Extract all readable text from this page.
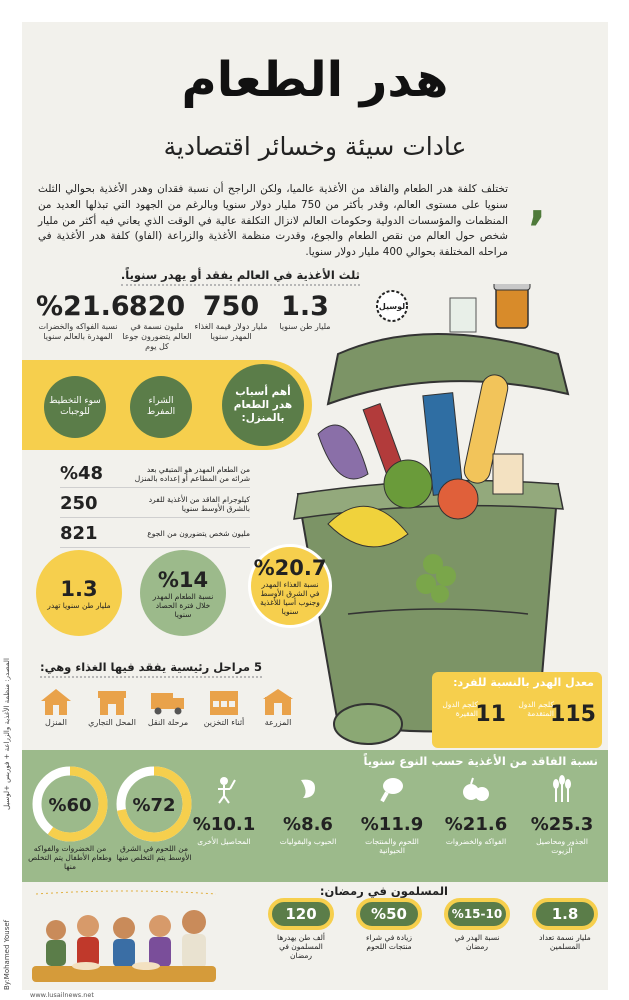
هدر الطعام
عادات سيئة وخسائر اقتصادية
,

تختلف كلفة هدر الطعام والفاقد من الأغذية عالميا، ولكن الراجح أن نسبة فقدان وهدر الأغذية بحوالي الثلث سنويا على مستوى العالم، وقدر بأكثر من 750 مليار دولار سنويا وبالرغم من الجهود التي تبذلها العديد من المنظمات والمؤسسات الدولية وحكومات العالم لانزال التكلفة عالية في الوقت الذي يعاني فيه أكثر من مليار شخص حول العالم من نقص الطعام والجوع، وقدرت منظمة الأغذية والزراعة (الفاو) كلفة هدر الأغذية في مراحله المختلفة بحوالي 400 مليار دولار سنويا.

ثلث الأغذية في العالم يفقد أو يهدر سنوياً.
1.3
مليار طن سنويا
750
مليار دولار قيمة الغذاء المهدر سنويا
820
مليون نسمة في العالم يتضورون جوعا كل يوم
%21.6
نسبة الفواكه والخضرات المهدرة بالعالم سنويا
لوسيل
أهم أسباب هدر الطعام بالمنزل:
الشراء المفرط
سوء التخطيط للوجبات
%48	من الطعام المهدر هو المتبقي بعد شرائه من المطاعم أو إعداده بالمنزل
250	كيلوجرام الفاقد من الأغذية للفرد بالشرق الأوسط سنويا
821	مليون شخص يتضورون من الجوع
%20.7
نسبة الغذاء المهدر في الشرق الأوسط وجنوب أسيا للأغذية سنويا
%14
نسبة الطعام المهدر خلال فترة الحصاد سنويا
1.3
مليار طن سنويا تهدر
5 مراحل رئيسية يفقد فيها الغذاء وهي:
المزرعة
أثناء التخزين
مرحلة النقل
المحل التجاري
المنزل
معدل الهدر بالنسبة للفرد:
115
كلجم الدول المتقدمة
11
كلجم الدول الفقيرة
نسبة الفاقد من الأغذية حسب النوع سنوياً
%25.3
الجذور ومحاصيل الزيوت
%21.6
الفواكه والخضروات
%11.9
اللحوم والمنتجات الحيوانية
%8.6
الحبوب والبقوليات
%10.1
المحاصيل الأخرى
%72
من اللحوم في الشرق الأوسط يتم التخلص منها
%60
من الخضروات والفواكه وطعام الأطفال يتم التخلص منها
المسلمون في رمضان:
1.8
مليار نسمة تعداد المسلمين
%15-10
نسبة الهدر في رمضان
%50
زيادة في شراء منتجات اللحوم
120
ألف طن يهدرها المسلمون في رمضان
By:Mohamed Yousef
المصدر: منظمة الأغذية والزراعة + فوربس +لوسيل
www.lusailnews.net
